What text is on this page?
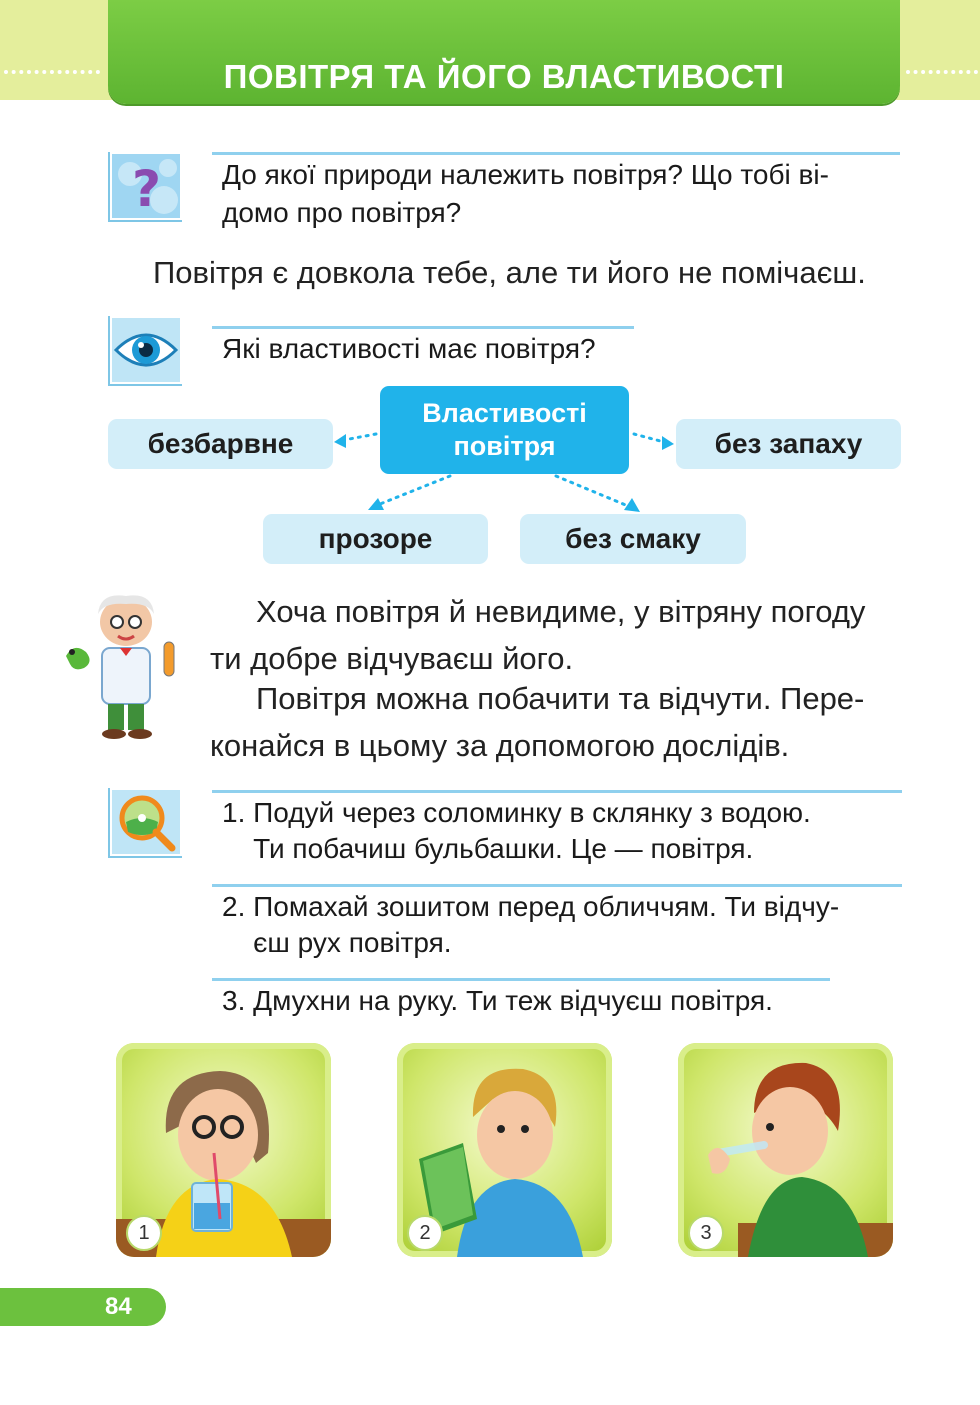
ПОВІТРЯ ТА ЙОГО ВЛАСТИВОСТІ
? До якої природи належить повітря? Що тобі ві-
домо про повітря?
Повітря є довкола тебе, але ти його не помічаєш.
Які властивості має повітря?
Властивості
повітря
безбарвне	без запаху
прозоре	без смаку
Хоча повітря й невидиме, у вітряну погоду
ти добре відчуваєш його.
Повітря можна побачити та відчути. Пере-
конайся в цьому за допомогою дослідів.
1. Подуй через соломинку в склянку з водою.
Ти побачиш бульбашки. Це — повітря.
2. Помахай зошитом перед обличчям. Ти відчу-
єш рух повітря.
3. Дмухни на руку. Ти теж відчуєш повітря.
1	2	3
84
